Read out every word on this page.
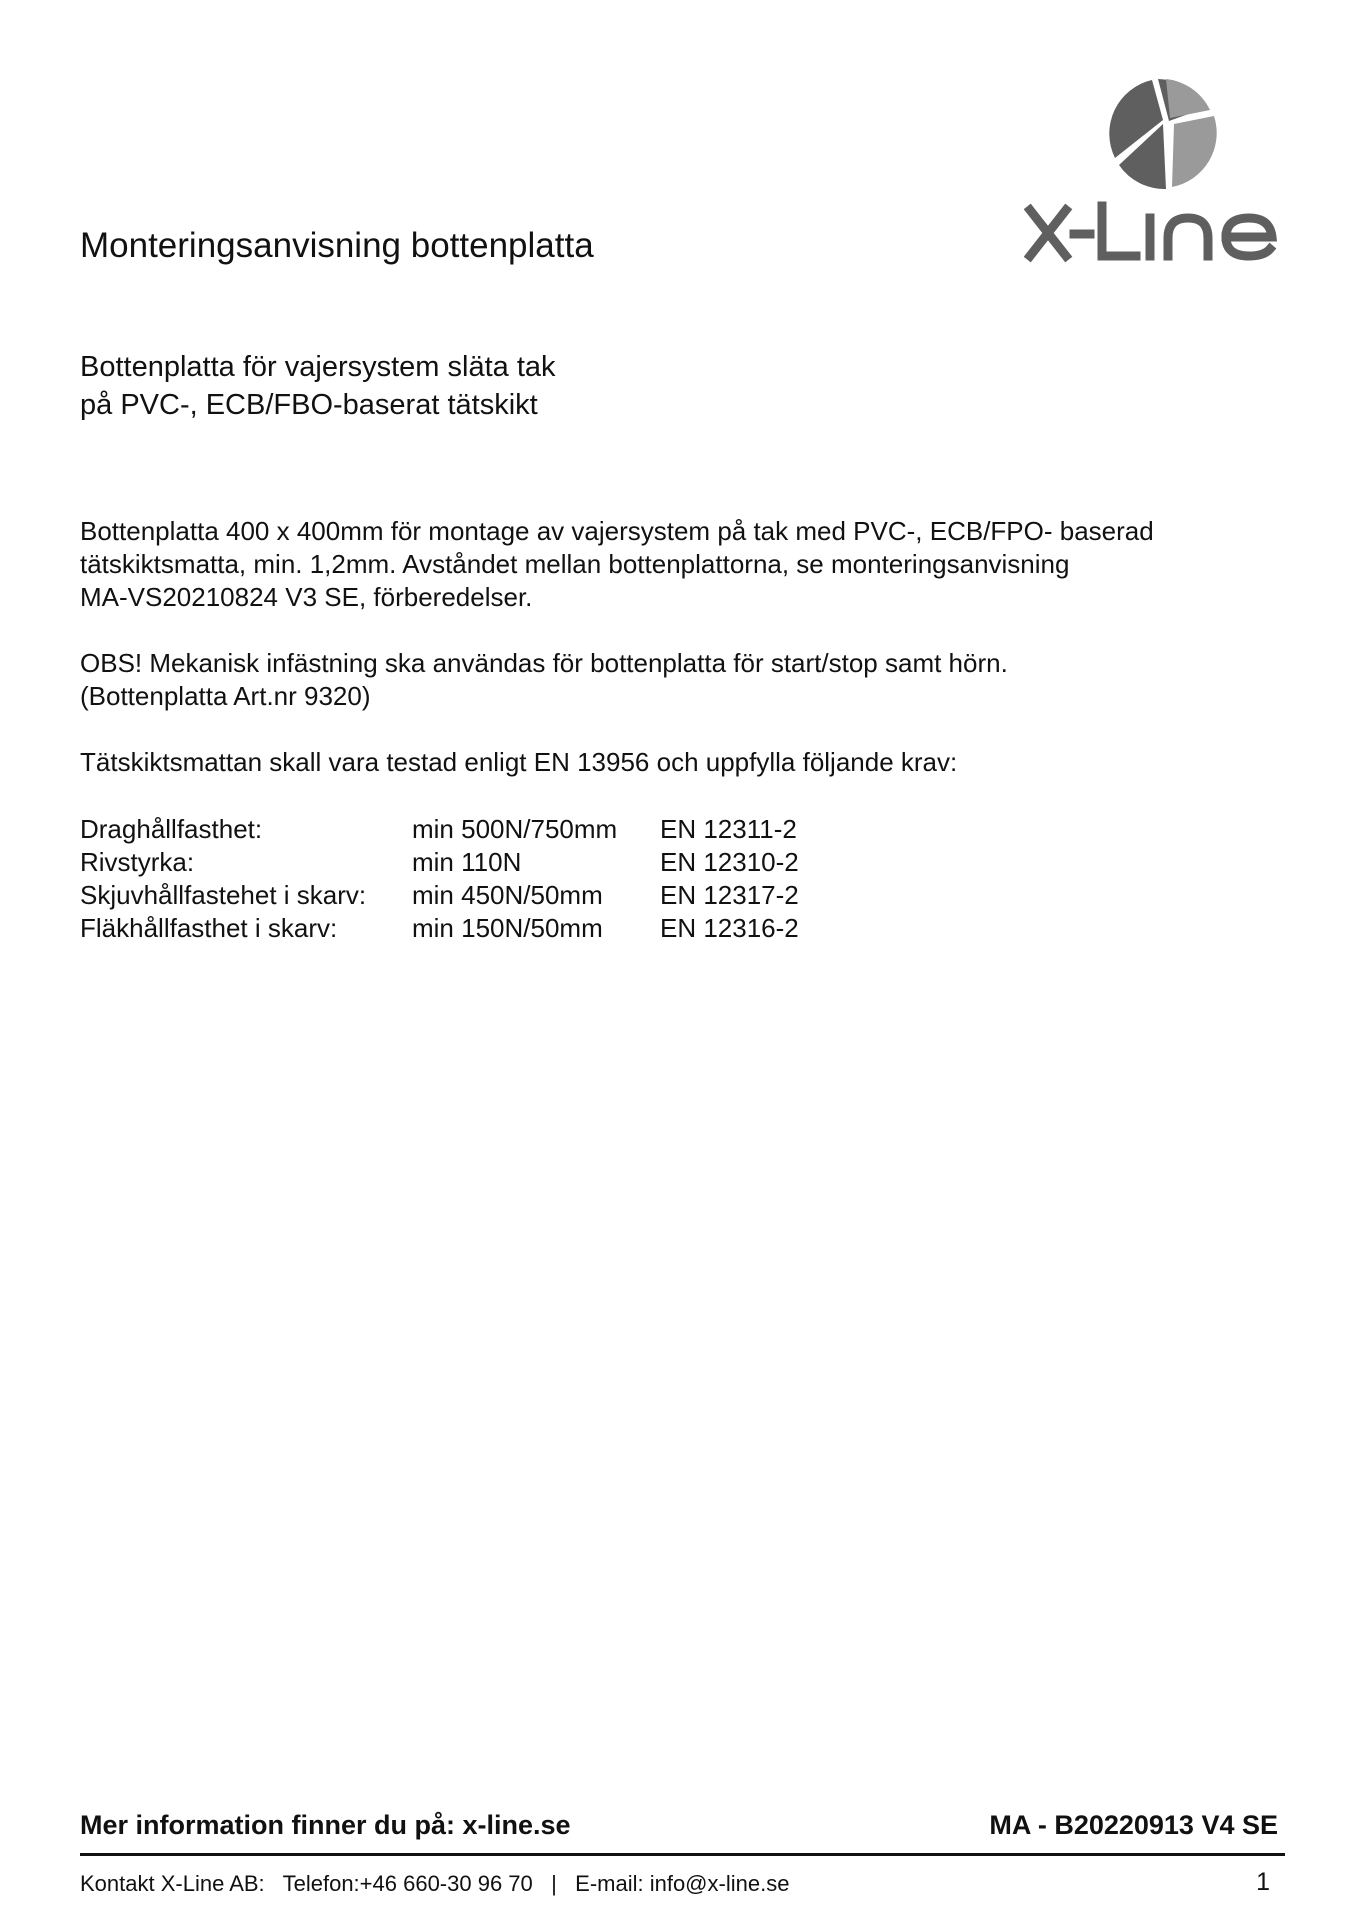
Monteringsanvisning bottenplatta
Bottenplatta för vajersystem släta tak
på PVC-, ECB/FBO-baserat tätskikt
Bottenplatta 400 x 400mm för montage av vajersystem på tak med PVC-, ECB/FPO- baserad
tätskiktsmatta, min. 1,2mm. Avståndet mellan bottenplattorna, se monteringsanvisning
MA-VS20210824 V3 SE, förberedelser.
OBS! Mekanisk infästning ska användas för bottenplatta för start/stop samt hörn.
(Bottenplatta Art.nr 9320)
Tätskiktsmattan skall vara testad enligt EN 13956 och uppfylla följande krav:
Draghållfasthet:	min 500N/750mm	EN 12311-2
Rivstyrka:	min 110N	EN 12310-2
Skjuvhållfastehet i skarv:	min 450N/50mm	EN 12317-2
Fläkhållfasthet i skarv:	min 150N/50mm	EN 12316-2
Mer information finner du på: x-line.se	MA - B20220913 V4 SE
Kontakt X-Line AB:   Telefon:+46 660-30 96 70   |   E-mail: info@x-line.se	1
